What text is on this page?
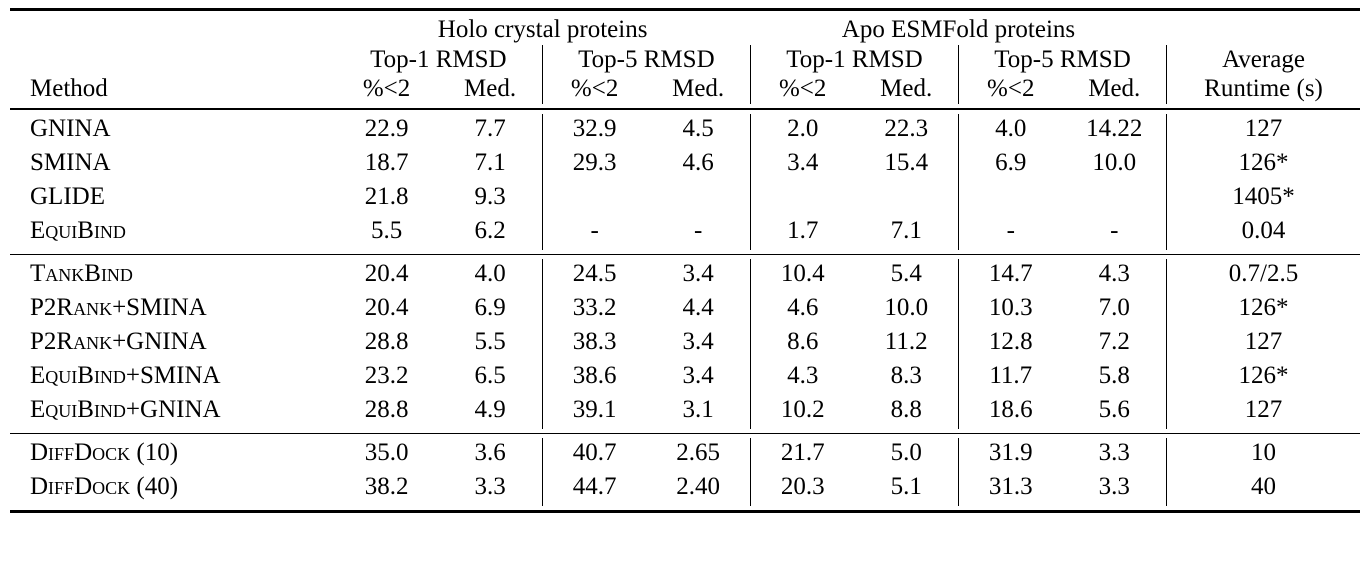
	Holo crystal proteins				Apo ESMFold proteins				
	Top-1 RMSD		Top-5 RMSD		Top-1 RMSD		Top-5 RMSD		Average
Method	%<2	Med.	%<2	Med.	%<2	Med.	%<2	Med.	Runtime (s)

GNINA	22.9	7.7	32.9	4.5	2.0	22.3	4.0	14.22	127
SMINA	18.7	7.1	29.3	4.6	3.4	15.4	6.9	10.0	126*
GLIDE	21.8	9.3							1405*
EquiBind	5.5	6.2	-	-	1.7	7.1	-	-	0.04

TankBind	20.4	4.0	24.5	3.4	10.4	5.4	14.7	4.3	0.7/2.5
P2Rank+SMINA	20.4	6.9	33.2	4.4	4.6	10.0	10.3	7.0	126*
P2Rank+GNINA	28.8	5.5	38.3	3.4	8.6	11.2	12.8	7.2	127
EquiBind+SMINA	23.2	6.5	38.6	3.4	4.3	8.3	11.7	5.8	126*
EquiBind+GNINA	28.8	4.9	39.1	3.1	10.2	8.8	18.6	5.6	127

DiffDock (10)	35.0	3.6	40.7	2.65	21.7	5.0	31.9	3.3	10
DiffDock (40)	38.2	3.3	44.7	2.40	20.3	5.1	31.3	3.3	40
